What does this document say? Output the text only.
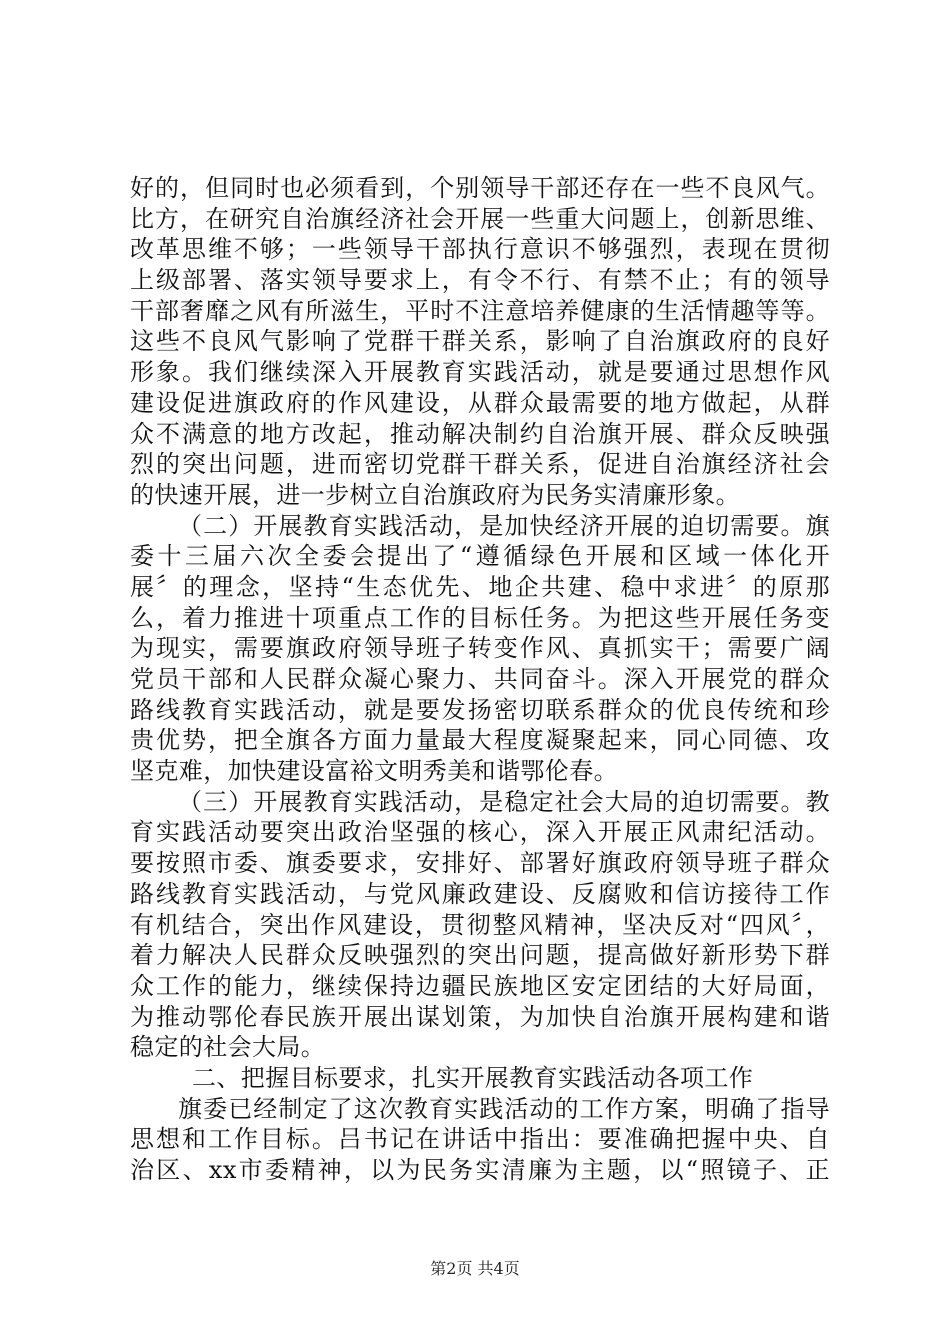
好的，但同时也必须看到，个别领导干部还存在一些不良风气。
比方，在研究自治旗经济社会开展一些重大问题上，创新思维、
改革思维不够；一些领导干部执行意识不够强烈，表现在贯彻
上级部署、落实领导要求上，有令不行、有禁不止；有的领导
干部奢靡之风有所滋生，平时不注意培养健康的生活情趣等等。
这些不良风气影响了党群干群关系，影响了自治旗政府的良好
形象。我们继续深入开展教育实践活动，就是要通过思想作风
建设促进旗政府的作风建设，从群众最需要的地方做起，从群
众不满意的地方改起，推动解决制约自治旗开展、群众反映强
烈的突出问题，进而密切党群干群关系，促进自治旗经济社会
的快速开展，进一步树立自治旗政府为民务实清廉形象。
（二）开展教育实践活动，是加快经济开展的迫切需要。旗
委十三届六次全委会提出了“遵循绿色开展和区域一体化开
展〞的理念，坚持“生态优先、地企共建、稳中求进〞的原那
么，着力推进十项重点工作的目标任务。为把这些开展任务变
为现实，需要旗政府领导班子转变作风、真抓实干；需要广阔
党员干部和人民群众凝心聚力、共同奋斗。深入开展党的群众
路线教育实践活动，就是要发扬密切联系群众的优良传统和珍
贵优势，把全旗各方面力量最大程度凝聚起来，同心同德、攻
坚克难，加快建设富裕文明秀美和谐鄂伦春。
（三）开展教育实践活动，是稳定社会大局的迫切需要。教
育实践活动要突出政治坚强的核心，深入开展正风肃纪活动。
要按照市委、旗委要求，安排好、部署好旗政府领导班子群众
路线教育实践活动，与党风廉政建设、反腐败和信访接待工作
有机结合，突出作风建设，贯彻整风精神，坚决反对“四风〞，
着力解决人民群众反映强烈的突出问题，提高做好新形势下群
众工作的能力，继续保持边疆民族地区安定团结的大好局面，
为推动鄂伦春民族开展出谋划策，为加快自治旗开展构建和谐
稳定的社会大局。
二、把握目标要求，扎实开展教育实践活动各项工作
旗委已经制定了这次教育实践活动的工作方案，明确了指导
思想和工作目标。吕书记在讲话中指出：要准确把握中央、自
治区、xx市委精神，以为民务实清廉为主题，以“照镜子、正
第2页 共4页
